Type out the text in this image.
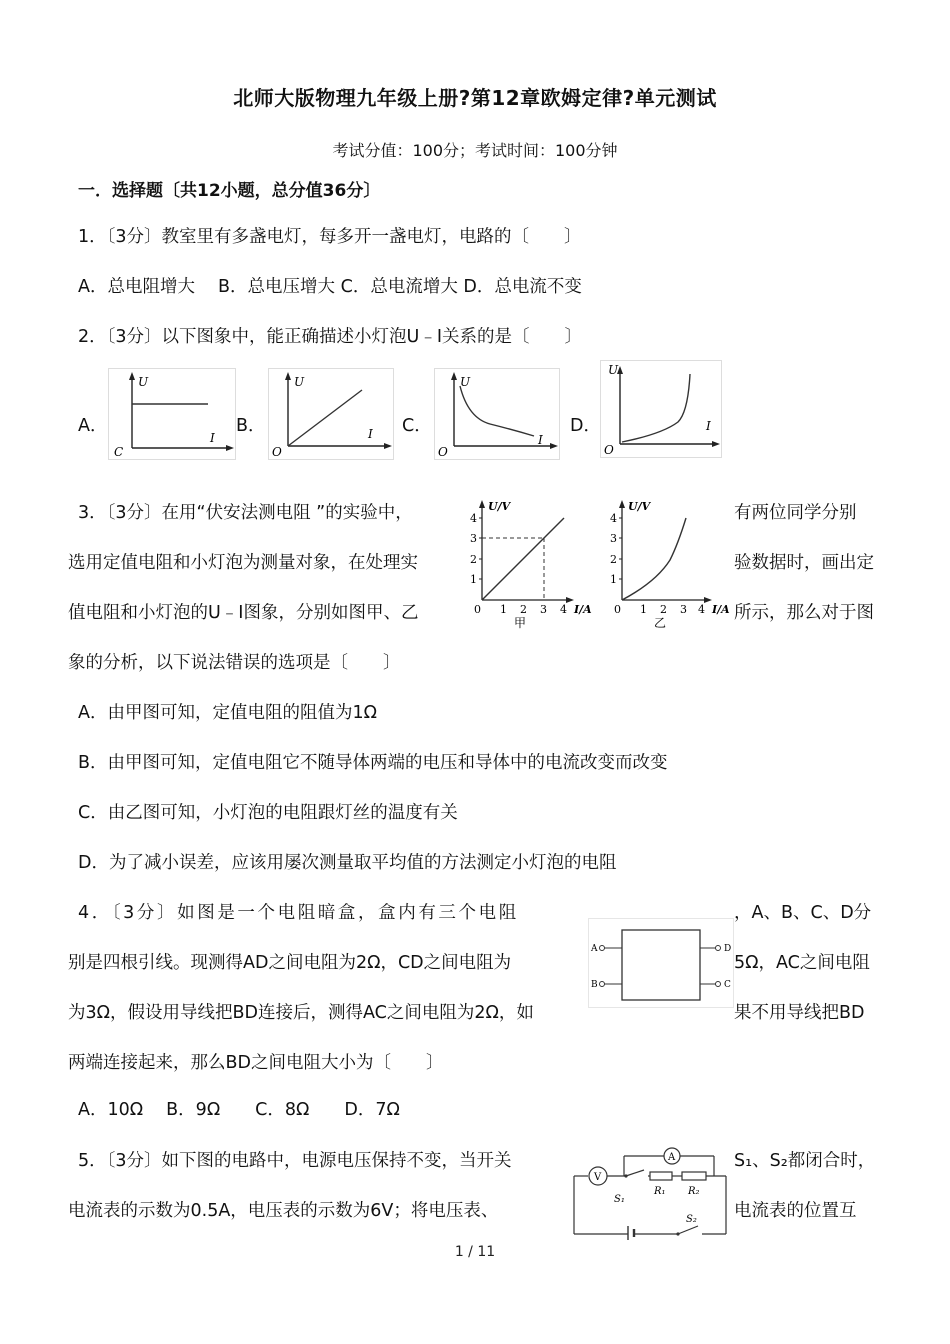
北师大版物理九年级上册?第12章欧姆定律?单元测试
考试分值：100分；考试时间：100分钟
一．选择题〔共12小题，总分值36分〕
1．〔3分〕教室里有多盏电灯，每多开一盏电灯，电路的〔　　〕
A．总电阻增大　 B．总电压增大 C．总电流增大 D．总电流不变
2．〔3分〕以下图象中，能正确描述小灯泡U﹣I关系的是〔　　〕
A．
U
I
C
B．
U
I
O
C．
U
I
O
D．
U
I
O
3．〔3分〕在用“伏安法测电阻 ”的实验中，	有两位同学分别
选用定值电阻和小灯泡为测量对象，在处理实	验数据时，画出定
值电阻和小灯泡的U﹣I图象，分别如图甲、乙	所示，那么对于图
象的分析，以下说法错误的选项是〔　　〕
U/V
1
2
3
4
1 2 3 4 I/A
0
甲
U/V
1
2
3
4
1 2 3 4 I/A
0
乙
A．由甲图可知，定值电阻的阻值为1Ω
B．由甲图可知，定值电阻它不随导体两端的电压和导体中的电流改变而改变
C．由乙图可知，小灯泡的电阻跟灯丝的温度有关
D．为了减小误差，应该用屡次测量取平均值的方法测定小灯泡的电阻
4．〔3分〕如图是一个电阻暗盒，盒内有三个电阻	，A、B、C、D分
别是四根引线。现测得AD之间电阻为2Ω，CD之间电阻为	5Ω，AC之间电阻
为3Ω，假设用导线把BD连接后，测得AC之间电阻为2Ω，如	果不用导线把BD
两端连接起来，那么BD之间电阻大小为〔　　〕
A
B
D
C
A．10Ω　 B．9Ω　　C．8Ω　　D．7Ω
5．〔3分〕如下图的电路中，电源电压保持不变，当开关	S₁、S₂都闭合时，
电流表的示数为0.5A，电压表的示数为6V；将电压表、	电流表的位置互
V
A
R₁ R₂
S₁
S₂
1 / 11
